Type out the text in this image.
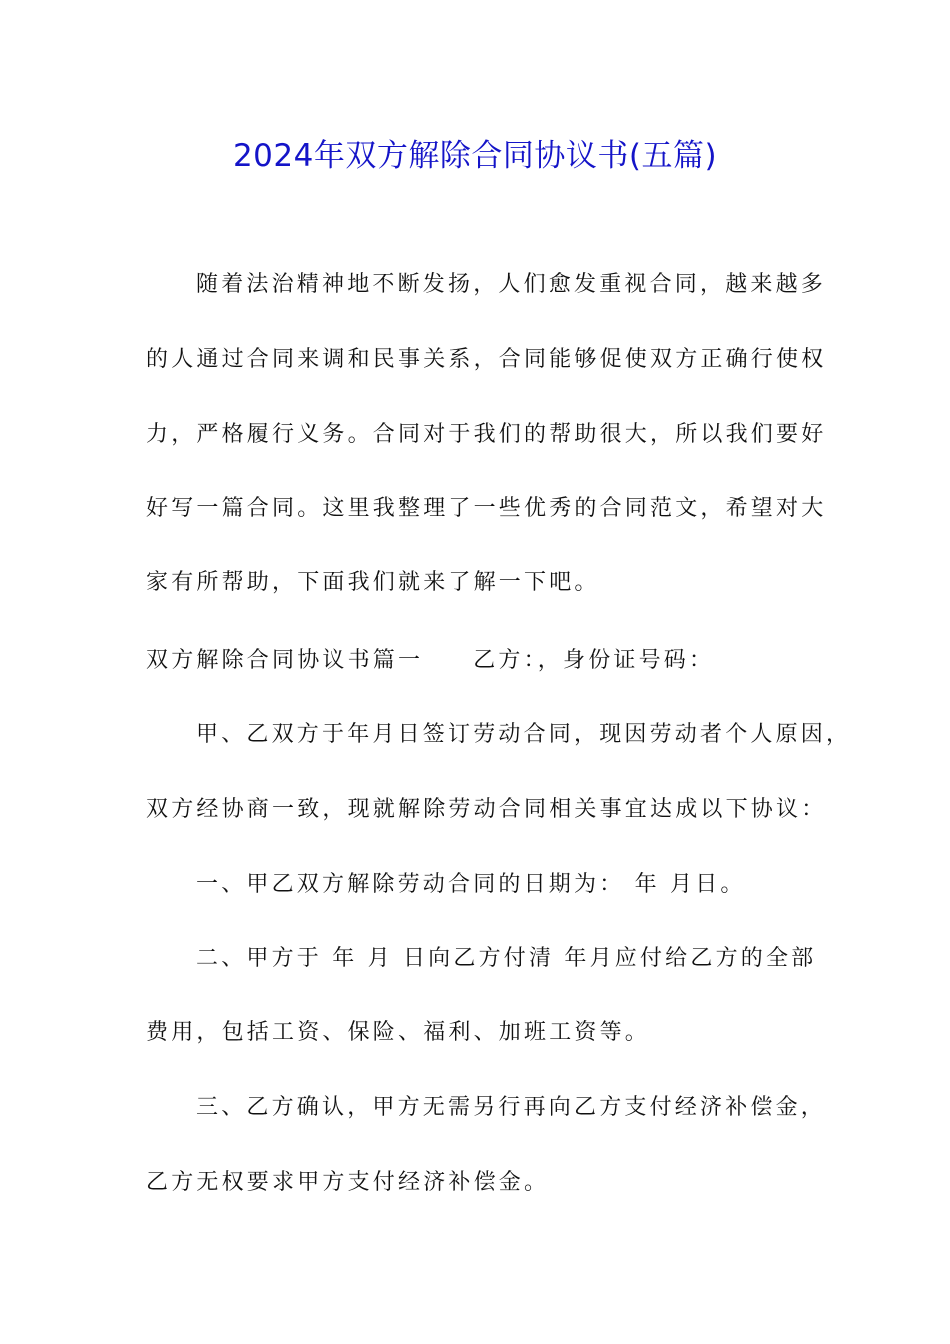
2024年双方解除合同协议书(五篇)
随着法治精神地不断发扬，人们愈发重视合同，越来越多
的人通过合同来调和民事关系，合同能够促使双方正确行使权
力，严格履行义务。合同对于我们的帮助很大，所以我们要好
好写一篇合同。这里我整理了一些优秀的合同范文，希望对大
家有所帮助，下面我们就来了解一下吧。
双方解除合同协议书篇一 乙方：，身份证号码：
甲、乙双方于年月日签订劳动合同，现因劳动者个人原因，
双方经协商一致，现就解除劳动合同相关事宜达成以下协议：
一、甲乙双方解除劳动合同的日期为： 年 月日。
二、甲方于 年 月 日向乙方付清 年月应付给乙方的全部
费用，包括工资、保险、福利、加班工资等。
三、乙方确认，甲方无需另行再向乙方支付经济补偿金，
乙方无权要求甲方支付经济补偿金。
